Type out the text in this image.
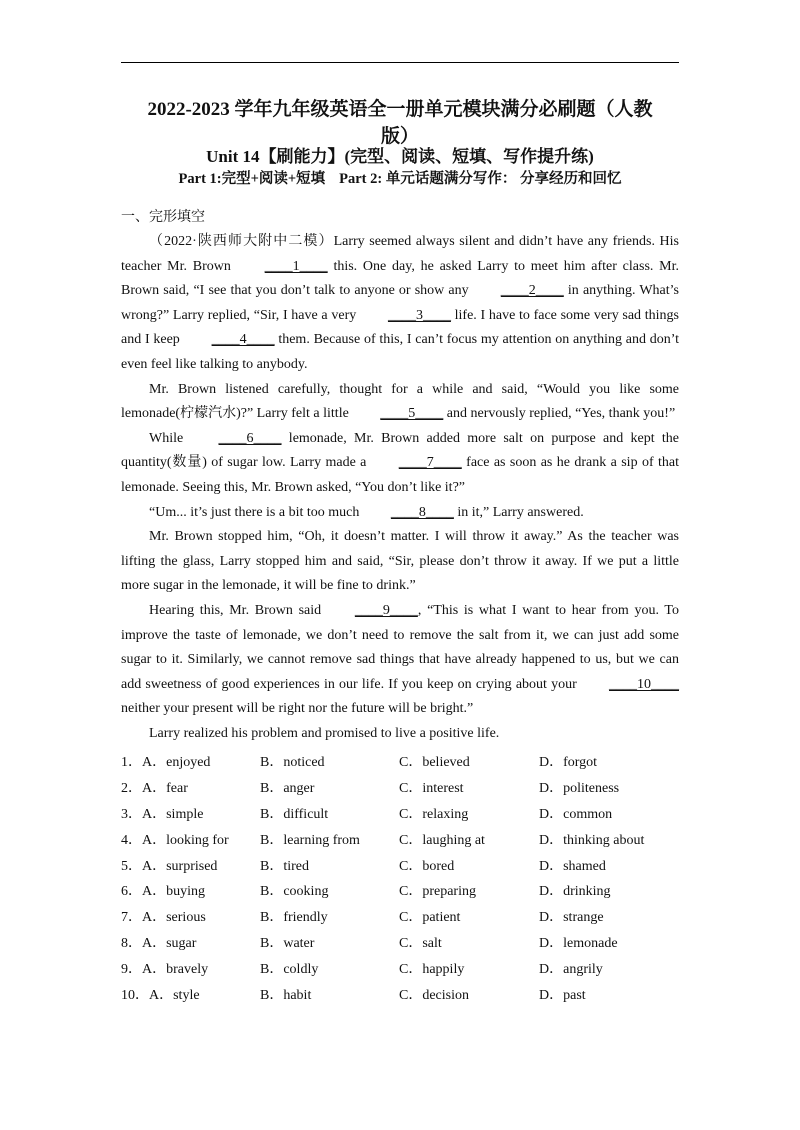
2022-2023 学年九年级英语全一册单元模块满分必刷题（人教
版）
Unit 14【刷能力】(完型、阅读、短填、写作提升练)
Part 1:完型+阅读+短填 Part 2: 单元话题满分写作： 分享经历和回忆
一、完形填空

（2022·陕西师大附中二模）Larry seemed always silent and didn’t have any friends. His teacher Mr. Brown ____1____ this. One day, he asked Larry to meet him after class. Mr. Brown said, “I see that you don’t talk to anyone or show any ____2____ in anything. What’s wrong?” Larry replied, “Sir, I have a very ____3____ life. I have to face some very sad things and I keep ____4____ them. Because of this, I can’t focus my attention on anything and don’t even feel like talking to anybody.

Mr. Brown listened carefully, thought for a while and said, “Would you like some lemonade(柠檬汽水)?” Larry felt a little ____5____ and nervously replied, “Yes, thank you!”

While ____6____ lemonade, Mr. Brown added more salt on purpose and kept the quantity(数量) of sugar low. Larry made a ____7____ face as soon as he drank a sip of that lemonade. Seeing this, Mr. Brown asked, “You don’t like it?”

“Um... it’s just there is a bit too much ____8____ in it,” Larry answered.

Mr. Brown stopped him, “Oh, it doesn’t matter. I will throw it away.” As the teacher was lifting the glass, Larry stopped him and said, “Sir, please don’t throw it away. If we put a little more sugar in the lemonade, it will be fine to drink.”

Hearing this, Mr. Brown said ____9____, “This is what I want to hear from you. To improve the taste of lemonade, we don’t need to remove the salt from it, we can just add some sugar to it. Similarly, we cannot remove sad things that have already happened to us, but we can add sweetness of good experiences in our life. If you keep on crying about your ____10____ neither your present will be right nor the future will be bright.”

Larry realized his problem and promised to live a positive life.

1．A．enjoyed	B．noticed	C．believed	D．forgot
2．A．fear	B．anger	C．interest	D．politeness
3．A．simple	B．difficult	C．relaxing	D．common
4．A．looking for	B．learning from	C．laughing at	D．thinking about
5．A．surprised	B．tired	C．bored	D．shamed
6．A．buying	B．cooking	C．preparing	D．drinking
7．A．serious	B．friendly	C．patient	D．strange
8．A．sugar	B．water	C．salt	D．lemonade
9．A．bravely	B．coldly	C．happily	D．angrily
10．A．style	B．habit	C．decision	D．past
